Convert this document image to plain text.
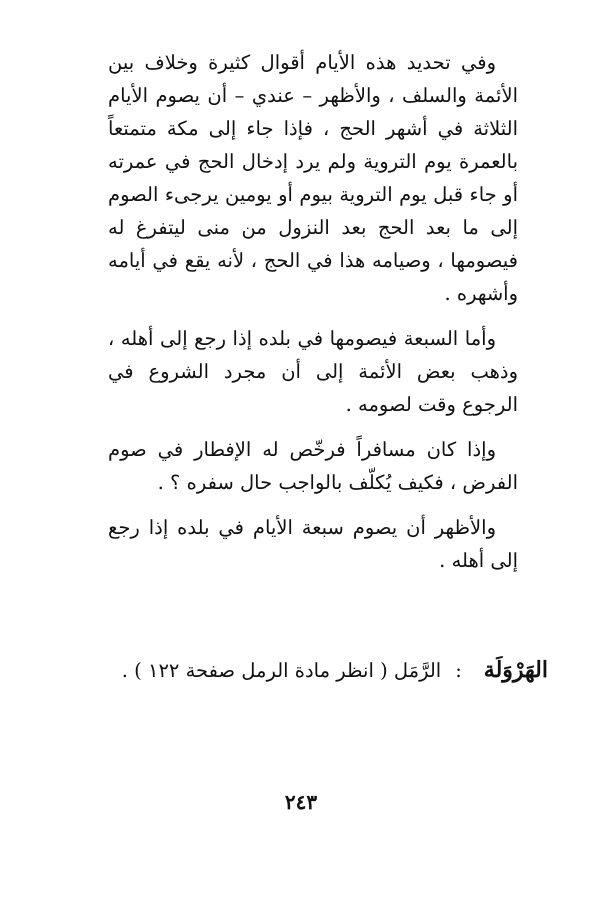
وفي تحديد هذه الأيام أقوال كثيرة وخلاف بين الأئمة والسلف ، والأظهر – عندي – أن يصوم الأيام الثلاثة في أشهر الحج ، فإذا جاء إلى مكة متمتعاً بالعمرة يوم التروية ولم يرد إدخال الحج في عمرته أو جاء قبل يوم التروية بيوم أو يومين يرجىء الصوم إلى ما بعد الحج بعد النزول من منى ليتفرغ له فيصومها ، وصيامه هذا في الحج ، لأنه يقع في أيامه وأشهره .

وأما السبعة فيصومها في بلده إذا رجع إلى أهله ، وذهب بعض الأئمة إلى أن مجرد الشروع في الرجوع وقت لصومه .

وإذا كان مسافراً فرخّص له الإفطار في صوم الفرض ، فكيف يُكلّف بالواجب حال سفره ؟ .

والأظهر أن يصوم سبعة الأيام في بلده إذا رجع إلى أهله .

الهَرْوَلَة:الرَّمَل ( انظر مادة الرمل صفحة ١٢٢ ) .
٢٤٣
